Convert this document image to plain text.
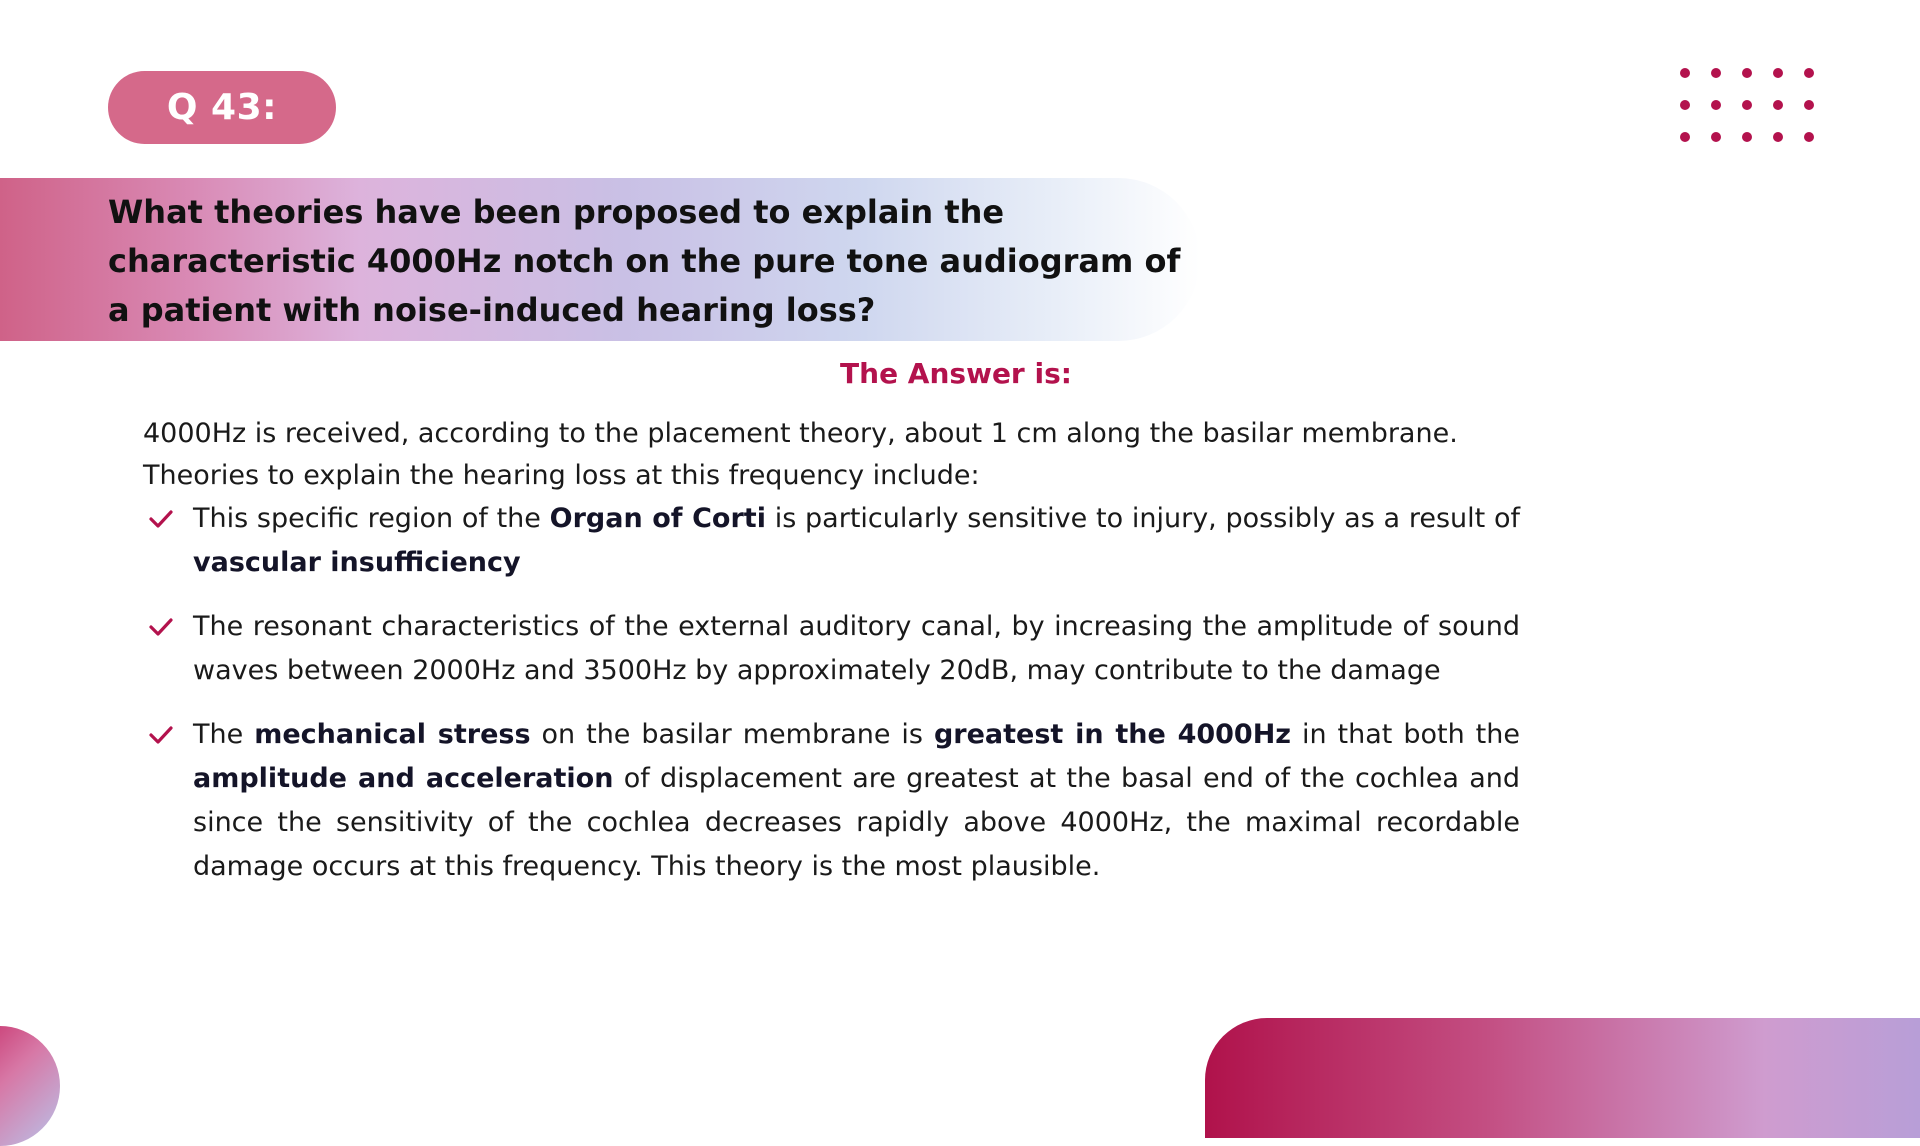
Q 43:
What theories have been proposed to explain the characteristic 4000Hz notch on the pure tone audiogram of a patient with noise-induced hearing loss?
The Answer is:
4000Hz is received, according to the placement theory, about 1 cm along the basilar membrane.
Theories to explain the hearing loss at this frequency include:
This specific region of the Organ of Corti is particularly sensitive to injury, possibly as a result of vascular insufficiency
The resonant characteristics of the external auditory canal, by increasing the amplitude of sound waves between 2000Hz and 3500Hz by approximately 20dB, may contribute to the damage
The mechanical stress on the basilar membrane is greatest in the 4000Hz in that both the amplitude and acceleration of displacement are greatest at the basal end of the cochlea and since the sensitivity of the cochlea decreases rapidly above 4000Hz, the maximal recordable damage occurs at this frequency. This theory is the most plausible.
